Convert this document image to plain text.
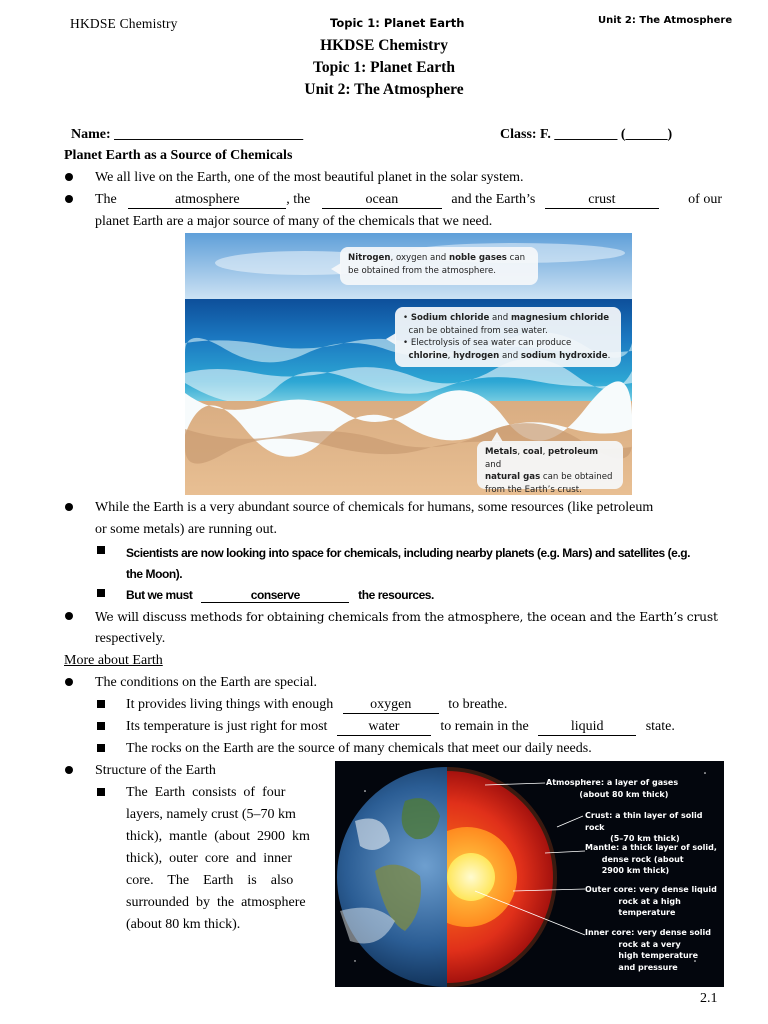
HKDSE Chemistry	Topic 1: Planet Earth	Unit 2: The Atmosphere
HKDSE Chemistry
Topic 1: Planet Earth
Unit 2: The Atmosphere
Name: ___________________________	Class: F. _________ (______)
Planet Earth as a Source of Chemicals
We all live on the Earth, one of the most beautiful planet in the solar system.
The	atmosphere	, the	ocean	and the Earth’s	crust	of our
planet Earth are a major source of many of the chemicals that we need.
Nitrogen, oxygen and noble gases can
be obtained from the atmosphere.
• Sodium chloride and magnesium chloride
can be obtained from sea water.
• Electrolysis of sea water can produce
chlorine, hydrogen and sodium hydroxide.
Metals, coal, petroleum and
natural gas can be obtained
from the Earth’s crust.
While the Earth is a very abundant source of chemicals for humans, some resources (like petroleum
or some metals) are running out.
Scientists are now looking into space for chemicals, including nearby planets (e.g. Mars) and satellites (e.g.
the Moon).
But we must	conserve	the resources.
We will discuss methods for obtaining chemicals from the atmosphere, the ocean and the Earth’s crust
respectively.
More about Earth
The conditions on the Earth are special.
It provides living things with enough	oxygen	to breathe.
Its temperature is just right for most	water	to remain in the	liquid	state.
The rocks on the Earth are the source of many chemicals that meet our daily needs.
Structure of the Earth
The  Earth  consists  of  four
layers, namely crust (5–70 km
thick),  mantle  (about  2900  km
thick),  outer  core  and  inner
core.    The    Earth    is    also
surrounded  by  the  atmosphere
(about 80 km thick).
Atmosphere: a layer of gases
(about 80 km thick)
Crust: a thin layer of solid rock
(5–70 km thick)
Mantle: a thick layer of solid,
dense rock (about
2900 km thick)
Outer core: very dense liquid
rock at a high
temperature
Inner core: very dense solid
rock at a very
high temperature
and pressure
2.1
